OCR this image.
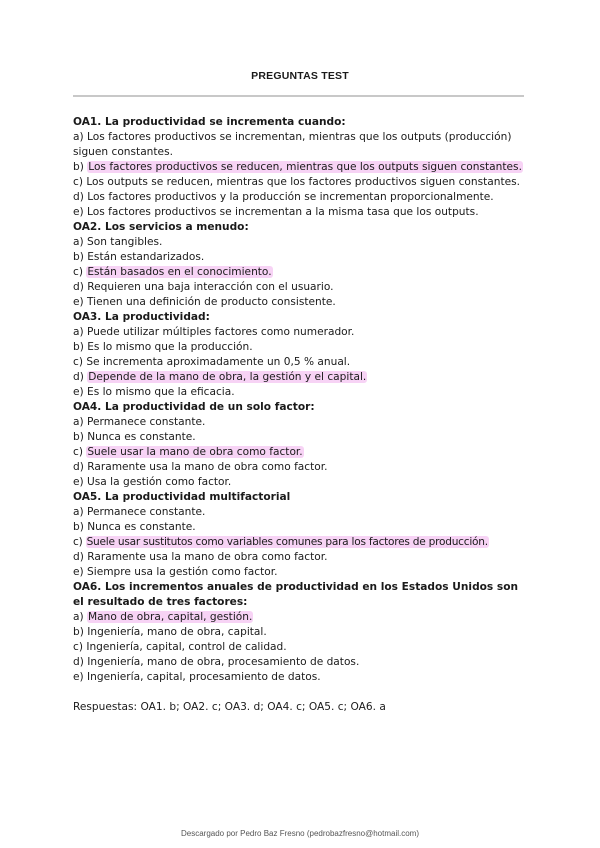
PREGUNTAS TEST
OA1. La productividad se incrementa cuando:
a) Los factores productivos se incrementan, mientras que los outputs (producción) siguen constantes.
b) Los factores productivos se reducen, mientras que los outputs siguen constantes.
c) Los outputs se reducen, mientras que los factores productivos siguen constantes.
d) Los factores productivos y la producción se incrementan proporcionalmente.
e) Los factores productivos se incrementan a la misma tasa que los outputs.
OA2. Los servicios a menudo:
a) Son tangibles.
b) Están estandarizados.
c) Están basados en el conocimiento.
d) Requieren una baja interacción con el usuario.
e) Tienen una definición de producto consistente.
OA3. La productividad:
a) Puede utilizar múltiples factores como numerador.
b) Es lo mismo que la producción.
c) Se incrementa aproximadamente un 0,5 % anual.
d) Depende de la mano de obra, la gestión y el capital.
e) Es lo mismo que la eficacia.
OA4. La productividad de un solo factor:
a) Permanece constante.
b) Nunca es constante.
c) Suele usar la mano de obra como factor.
d) Raramente usa la mano de obra como factor.
e) Usa la gestión como factor.
OA5. La productividad multifactorial
a) Permanece constante.
b) Nunca es constante.
c) Suele usar sustitutos como variables comunes para los factores de producción.
d) Raramente usa la mano de obra como factor.
e) Siempre usa la gestión como factor.
OA6. Los incrementos anuales de productividad en los Estados Unidos son el resultado de tres factores:
a) Mano de obra, capital, gestión.
b) Ingeniería, mano de obra, capital.
c) Ingeniería, capital, control de calidad.
d) Ingeniería, mano de obra, procesamiento de datos.
e) Ingeniería, capital, procesamiento de datos.
Respuestas: OA1. b; OA2. c; OA3. d; OA4. c; OA5. c; OA6. a
Descargado por Pedro Baz Fresno (pedrobazfresno@hotmail.com)
